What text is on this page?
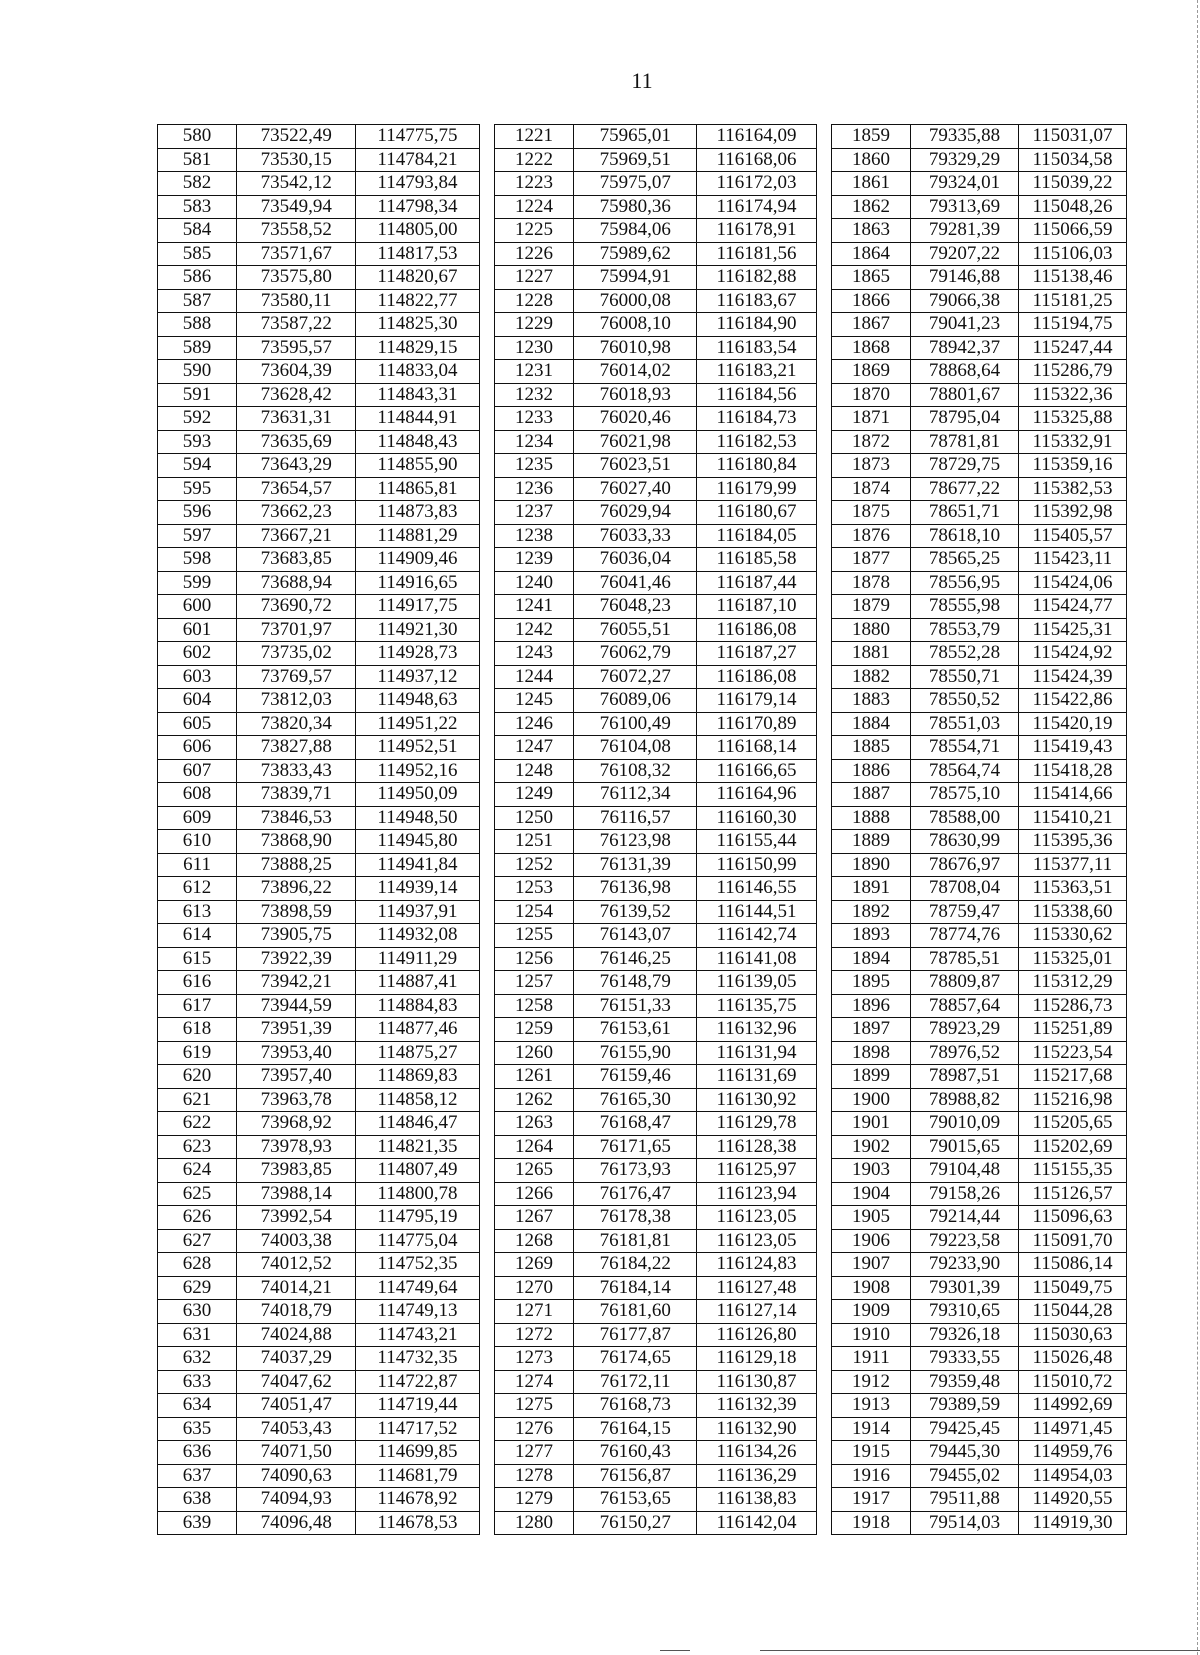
11
580	73522,49	114775,75		1221	75965,01	116164,09		1859	79335,88	115031,07
581	73530,15	114784,21		1222	75969,51	116168,06		1860	79329,29	115034,58
582	73542,12	114793,84		1223	75975,07	116172,03		1861	79324,01	115039,22
583	73549,94	114798,34		1224	75980,36	116174,94		1862	79313,69	115048,26
584	73558,52	114805,00		1225	75984,06	116178,91		1863	79281,39	115066,59
585	73571,67	114817,53		1226	75989,62	116181,56		1864	79207,22	115106,03
586	73575,80	114820,67		1227	75994,91	116182,88		1865	79146,88	115138,46
587	73580,11	114822,77		1228	76000,08	116183,67		1866	79066,38	115181,25
588	73587,22	114825,30		1229	76008,10	116184,90		1867	79041,23	115194,75
589	73595,57	114829,15		1230	76010,98	116183,54		1868	78942,37	115247,44
590	73604,39	114833,04		1231	76014,02	116183,21		1869	78868,64	115286,79
591	73628,42	114843,31		1232	76018,93	116184,56		1870	78801,67	115322,36
592	73631,31	114844,91		1233	76020,46	116184,73		1871	78795,04	115325,88
593	73635,69	114848,43		1234	76021,98	116182,53		1872	78781,81	115332,91
594	73643,29	114855,90		1235	76023,51	116180,84		1873	78729,75	115359,16
595	73654,57	114865,81		1236	76027,40	116179,99		1874	78677,22	115382,53
596	73662,23	114873,83		1237	76029,94	116180,67		1875	78651,71	115392,98
597	73667,21	114881,29		1238	76033,33	116184,05		1876	78618,10	115405,57
598	73683,85	114909,46		1239	76036,04	116185,58		1877	78565,25	115423,11
599	73688,94	114916,65		1240	76041,46	116187,44		1878	78556,95	115424,06
600	73690,72	114917,75		1241	76048,23	116187,10		1879	78555,98	115424,77
601	73701,97	114921,30		1242	76055,51	116186,08		1880	78553,79	115425,31
602	73735,02	114928,73		1243	76062,79	116187,27		1881	78552,28	115424,92
603	73769,57	114937,12		1244	76072,27	116186,08		1882	78550,71	115424,39
604	73812,03	114948,63		1245	76089,06	116179,14		1883	78550,52	115422,86
605	73820,34	114951,22		1246	76100,49	116170,89		1884	78551,03	115420,19
606	73827,88	114952,51		1247	76104,08	116168,14		1885	78554,71	115419,43
607	73833,43	114952,16		1248	76108,32	116166,65		1886	78564,74	115418,28
608	73839,71	114950,09		1249	76112,34	116164,96		1887	78575,10	115414,66
609	73846,53	114948,50		1250	76116,57	116160,30		1888	78588,00	115410,21
610	73868,90	114945,80		1251	76123,98	116155,44		1889	78630,99	115395,36
611	73888,25	114941,84		1252	76131,39	116150,99		1890	78676,97	115377,11
612	73896,22	114939,14		1253	76136,98	116146,55		1891	78708,04	115363,51
613	73898,59	114937,91		1254	76139,52	116144,51		1892	78759,47	115338,60
614	73905,75	114932,08		1255	76143,07	116142,74		1893	78774,76	115330,62
615	73922,39	114911,29		1256	76146,25	116141,08		1894	78785,51	115325,01
616	73942,21	114887,41		1257	76148,79	116139,05		1895	78809,87	115312,29
617	73944,59	114884,83		1258	76151,33	116135,75		1896	78857,64	115286,73
618	73951,39	114877,46		1259	76153,61	116132,96		1897	78923,29	115251,89
619	73953,40	114875,27		1260	76155,90	116131,94		1898	78976,52	115223,54
620	73957,40	114869,83		1261	76159,46	116131,69		1899	78987,51	115217,68
621	73963,78	114858,12		1262	76165,30	116130,92		1900	78988,82	115216,98
622	73968,92	114846,47		1263	76168,47	116129,78		1901	79010,09	115205,65
623	73978,93	114821,35		1264	76171,65	116128,38		1902	79015,65	115202,69
624	73983,85	114807,49		1265	76173,93	116125,97		1903	79104,48	115155,35
625	73988,14	114800,78		1266	76176,47	116123,94		1904	79158,26	115126,57
626	73992,54	114795,19		1267	76178,38	116123,05		1905	79214,44	115096,63
627	74003,38	114775,04		1268	76181,81	116123,05		1906	79223,58	115091,70
628	74012,52	114752,35		1269	76184,22	116124,83		1907	79233,90	115086,14
629	74014,21	114749,64		1270	76184,14	116127,48		1908	79301,39	115049,75
630	74018,79	114749,13		1271	76181,60	116127,14		1909	79310,65	115044,28
631	74024,88	114743,21		1272	76177,87	116126,80		1910	79326,18	115030,63
632	74037,29	114732,35		1273	76174,65	116129,18		1911	79333,55	115026,48
633	74047,62	114722,87		1274	76172,11	116130,87		1912	79359,48	115010,72
634	74051,47	114719,44		1275	76168,73	116132,39		1913	79389,59	114992,69
635	74053,43	114717,52		1276	76164,15	116132,90		1914	79425,45	114971,45
636	74071,50	114699,85		1277	76160,43	116134,26		1915	79445,30	114959,76
637	74090,63	114681,79		1278	76156,87	116136,29		1916	79455,02	114954,03
638	74094,93	114678,92		1279	76153,65	116138,83		1917	79511,88	114920,55
639	74096,48	114678,53		1280	76150,27	116142,04		1918	79514,03	114919,30
